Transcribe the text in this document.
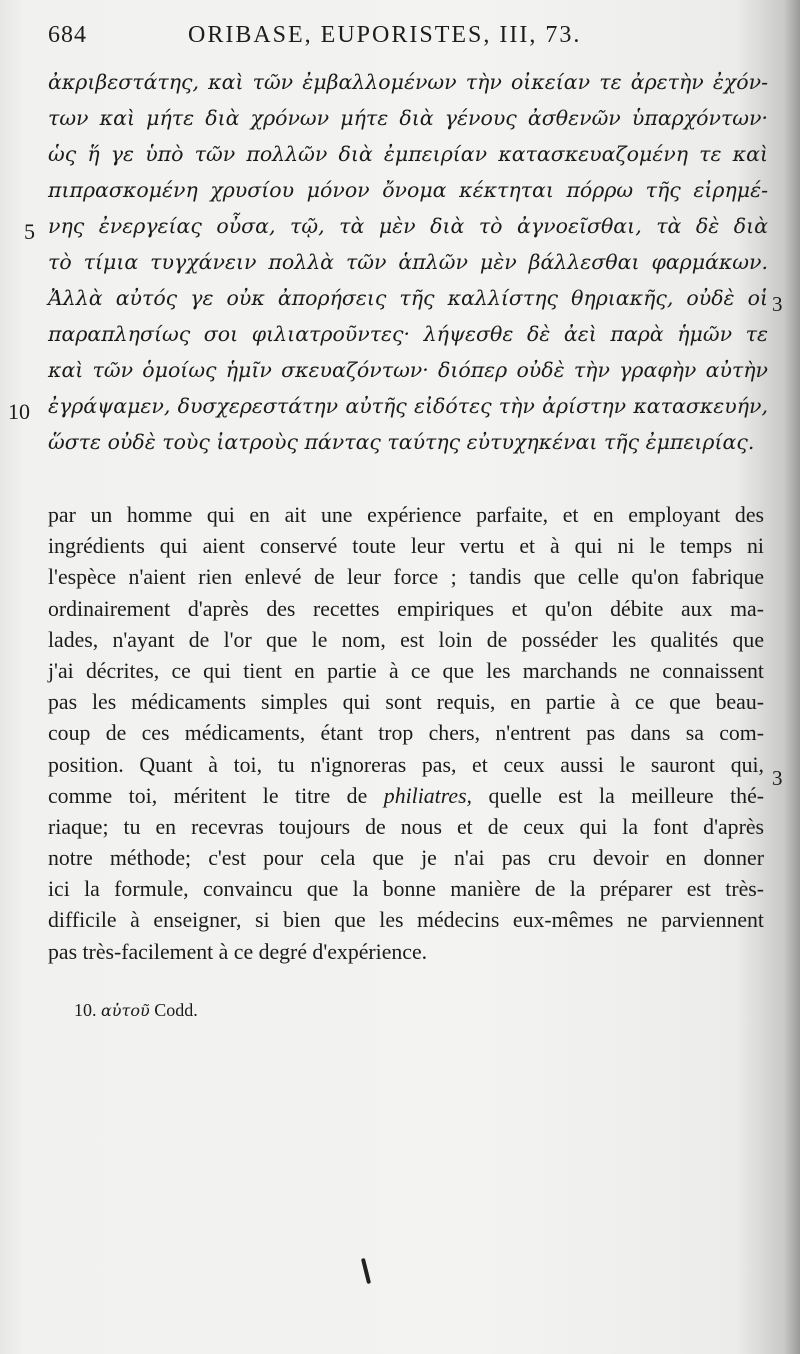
684	ORIBASE, EUPORISTES, III, 73.
ἀκριβεστάτης, καὶ τῶν ἐμβαλλομένων τὴν οἰκείαν τε ἀρετὴν ἐχόν-
των καὶ μήτε διὰ χρόνων μήτε διὰ γένους ἀσθενῶν ὑπαρχόντων·
ὡς ἥ γε ὑπὸ τῶν πολλῶν διὰ ἐμπειρίαν κατασκευαζομένη τε καὶ
πιπρασκομένη χρυσίου μόνον ὄνομα κέκτηται πόρρω τῆς εἰρημέ-
νης ἐνεργείας οὖσα, τῷ, τὰ μὲν διὰ τὸ ἀγνοεῖσθαι, τὰ δὲ διὰ
τὸ τίμια τυγχάνειν πολλὰ τῶν ἁπλῶν μὲν βάλλεσθαι φαρμάκων.
Ἀλλὰ αὐτός γε οὐκ ἀπορήσεις τῆς καλλίστης θηριακῆς, οὐδὲ οἱ
παραπλησίως σοι φιλιατροῦντες· λήψεσθε δὲ ἀεὶ παρὰ ἡμῶν τε
καὶ τῶν ὁμοίως ἡμῖν σκευαζόντων· διόπερ οὐδὲ τὴν γραφὴν αὐτὴν
ἐγράψαμεν, δυσχερεστάτην αὐτῆς εἰδότες τὴν ἀρίστην κατασκευήν,
ὥστε οὐδὲ τοὺς ἰατροὺς πάντας ταύτης εὐτυχηκέναι τῆς ἐμπειρίας.
5
10
3
par un homme qui en ait une expérience parfaite, et en employant des
ingrédients qui aient conservé toute leur vertu et à qui ni le temps ni
l'espèce n'aient rien enlevé de leur force ; tandis que celle qu'on fabrique
ordinairement d'après des recettes empiriques et qu'on débite aux ma-
lades, n'ayant de l'or que le nom, est loin de posséder les qualités que
j'ai décrites, ce qui tient en partie à ce que les marchands ne connaissent
pas les médicaments simples qui sont requis, en partie à ce que beau-
coup de ces médicaments, étant trop chers, n'entrent pas dans sa com-
position. Quant à toi, tu n'ignoreras pas, et ceux aussi le sauront qui,
comme toi, méritent le titre de philiatres, quelle est la meilleure thé-
riaque; tu en recevras toujours de nous et de ceux qui la font d'après
notre méthode; c'est pour cela que je n'ai pas cru devoir en donner
ici la formule, convaincu que la bonne manière de la préparer est très-
difficile à enseigner, si bien que les médecins eux-mêmes ne parviennent
pas très-facilement à ce degré d'expérience.
3
10. αὐτοῦ Codd.
